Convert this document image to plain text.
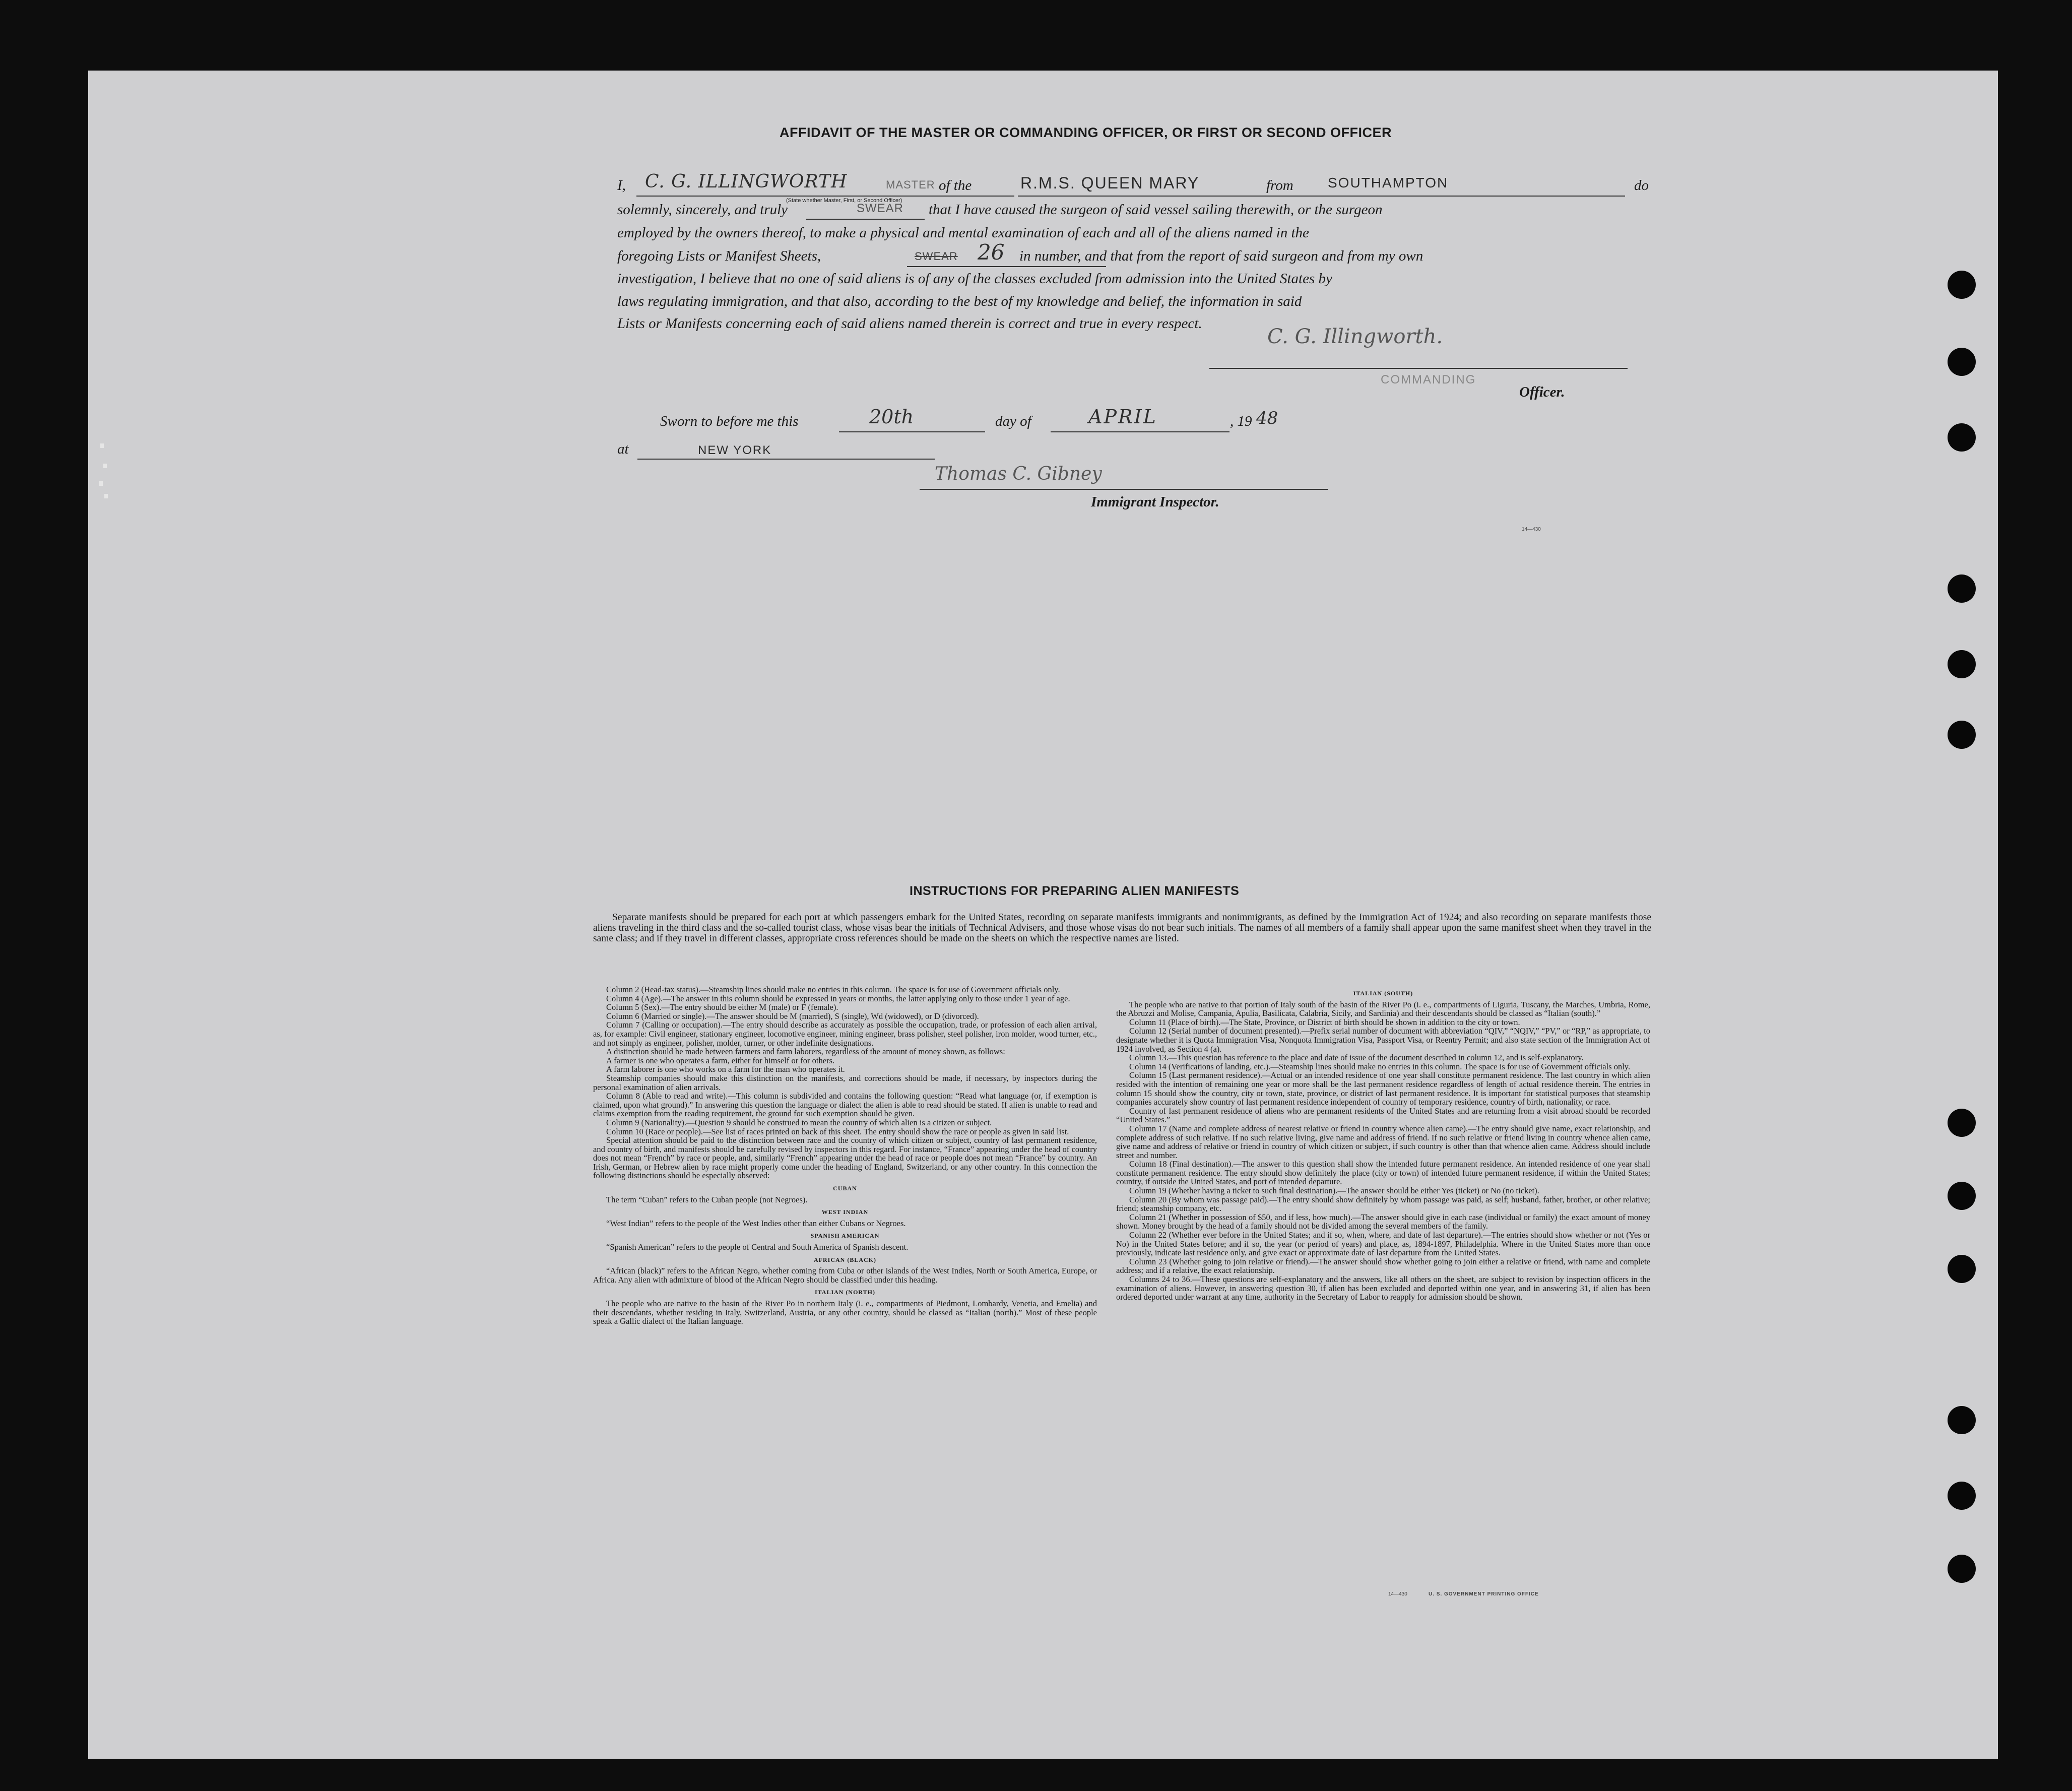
AFFIDAVIT OF THE MASTER OR COMMANDING OFFICER, OR FIRST OR SECOND OFFICER
I, C. G. ILLINGWORTH	MASTER
(State whether Master, First, or Second Officer)
of the	R.M.S. QUEEN MARY	from SOUTHAMPTON	do
solemnly, sincerely, and truly	SWEAR that I have caused the surgeon of said vessel sailing therewith, or the surgeon
employed by the owners thereof, to make a physical and mental examination of each and all of the aliens named in the
foregoing Lists or Manifest Sheets,	SWEAR 26 in number, and that from the report of said surgeon and from my own
investigation, I believe that no one of said aliens is of any of the classes excluded from admission into the United States by
laws regulating immigration, and that also, according to the best of my knowledge and belief, the information in said
Lists or Manifests concerning each of said aliens named therein is correct and true in every respect.
C. G. Illingworth.
COMMANDING
Officer.
Sworn to before me this	20th	day of	APRIL	, 19 48
at	NEW YORK
Thomas C. Gibney
Immigrant Inspector.
14—430
INSTRUCTIONS FOR PREPARING ALIEN MANIFESTS
Separate manifests should be prepared for each port at which passengers embark for the United States, recording on separate manifests immigrants and nonimmigrants, as defined by the Immigration Act of 1924; and also recording on separate manifests those aliens traveling in the third class and the so-called tourist class, whose visas bear the initials of Technical Advisers, and those whose visas do not bear such initials. The names of all members of a family shall appear upon the same manifest sheet when they travel in the same class; and if they travel in different classes, appropriate cross references should be made on the sheets on which the respective names are listed.

Column 2 (Head-tax status).—Steamship lines should make no entries in this column. The space is for use of Government officials only.

Column 4 (Age).—The answer in this column should be expressed in years or months, the latter applying only to those under 1 year of age.

Column 5 (Sex).—The entry should be either M (male) or F (female).

Column 6 (Married or single).—The answer should be M (married), S (single), Wd (widowed), or D (divorced).

Column 7 (Calling or occupation).—The entry should describe as accurately as possible the occupation, trade, or profession of each alien arrival, as, for example: Civil engineer, stationary engineer, locomotive engineer, mining engineer, brass polisher, steel polisher, iron molder, wood turner, etc., and not simply as engineer, polisher, molder, turner, or other indefinite designations.

A distinction should be made between farmers and farm laborers, regardless of the amount of money shown, as follows:

A farmer is one who operates a farm, either for himself or for others.

A farm laborer is one who works on a farm for the man who operates it.

Steamship companies should make this distinction on the manifests, and corrections should be made, if necessary, by inspectors during the personal examination of alien arrivals.

Column 8 (Able to read and write).—This column is subdivided and contains the following question: “Read what language (or, if exemption is claimed, upon what ground).” In answering this question the language or dialect the alien is able to read should be stated. If alien is unable to read and claims exemption from the reading requirement, the ground for such exemption should be given.

Column 9 (Nationality).—Question 9 should be construed to mean the country of which alien is a citizen or subject.

Column 10 (Race or people).—See list of races printed on back of this sheet. The entry should show the race or people as given in said list.

Special attention should be paid to the distinction between race and the country of which citizen or subject, country of last permanent residence, and country of birth, and manifests should be carefully revised by inspectors in this regard. For instance, “France” appearing under the head of country does not mean “French” by race or people, and, similarly “French” appearing under the head of race or people does not mean “France” by country. An Irish, German, or Hebrew alien by race might properly come under the heading of England, Switzerland, or any other country. In this connection the following distinctions should be especially observed:

CUBAN

The term “Cuban” refers to the Cuban people (not Negroes).

WEST INDIAN

“West Indian” refers to the people of the West Indies other than either Cubans or Negroes.

SPANISH AMERICAN

“Spanish American” refers to the people of Central and South America of Spanish descent.

AFRICAN (BLACK)

“African (black)” refers to the African Negro, whether coming from Cuba or other islands of the West Indies, North or South America, Europe, or Africa. Any alien with admixture of blood of the African Negro should be classified under this heading.

ITALIAN (NORTH)

The people who are native to the basin of the River Po in northern Italy (i. e., compartments of Piedmont, Lombardy, Venetia, and Emelia) and their descendants, whether residing in Italy, Switzerland, Austria, or any other country, should be classed as “Italian (north).” Most of these people speak a Gallic dialect of the Italian language.

ITALIAN (SOUTH)

The people who are native to that portion of Italy south of the basin of the River Po (i. e., compartments of Liguria, Tuscany, the Marches, Umbria, Rome, the Abruzzi and Molise, Campania, Apulia, Basilicata, Calabria, Sicily, and Sardinia) and their descendants should be classed as “Italian (south).”

Column 11 (Place of birth).—The State, Province, or District of birth should be shown in addition to the city or town.

Column 12 (Serial number of document presented).—Prefix serial number of document with abbreviation “QIV,” “NQIV,” “PV,” or “RP,” as appropriate, to designate whether it is Quota Immigration Visa, Nonquota Immigration Visa, Passport Visa, or Reentry Permit; and also state section of the Immigration Act of 1924 involved, as Section 4 (a).

Column 13.—This question has reference to the place and date of issue of the document described in column 12, and is self-explanatory.

Column 14 (Verifications of landing, etc.).—Steamship lines should make no entries in this column. The space is for use of Government officials only.

Column 15 (Last permanent residence).—Actual or an intended residence of one year shall constitute permanent residence. The last country in which alien resided with the intention of remaining one year or more shall be the last permanent residence regardless of length of actual residence therein. The entries in column 15 should show the country, city or town, state, province, or district of last permanent residence. It is important for statistical purposes that steamship companies accurately show country of last permanent residence independent of country of temporary residence, country of birth, nationality, or race.

Country of last permanent residence of aliens who are permanent residents of the United States and are returning from a visit abroad should be recorded “United States.”

Column 17 (Name and complete address of nearest relative or friend in country whence alien came).—The entry should give name, exact relationship, and complete address of such relative. If no such relative living, give name and address of friend. If no such relative or friend living in country whence alien came, give name and address of relative or friend in country of which citizen or subject, if such country is other than that whence alien came. Address should include street and number.

Column 18 (Final destination).—The answer to this question shall show the intended future permanent residence. An intended residence of one year shall constitute permanent residence. The entry should show definitely the place (city or town) of intended future permanent residence, if within the United States; country, if outside the United States, and port of intended departure.

Column 19 (Whether having a ticket to such final destination).—The answer should be either Yes (ticket) or No (no ticket).

Column 20 (By whom was passage paid).—The entry should show definitely by whom passage was paid, as self; husband, father, brother, or other relative; friend; steamship company, etc.

Column 21 (Whether in possession of $50, and if less, how much).—The answer should give in each case (individual or family) the exact amount of money shown. Money brought by the head of a family should not be divided among the several members of the family.

Column 22 (Whether ever before in the United States; and if so, when, where, and date of last departure).—The entries should show whether or not (Yes or No) in the United States before; and if so, the year (or period of years) and place, as, 1894-1897, Philadelphia. Where in the United States more than once previously, indicate last residence only, and give exact or approximate date of last departure from the United States.

Column 23 (Whether going to join relative or friend).—The answer should show whether going to join either a relative or friend, with name and complete address; and if a relative, the exact relationship.

Columns 24 to 36.—These questions are self-explanatory and the answers, like all others on the sheet, are subject to revision by inspection officers in the examination of aliens. However, in answering question 30, if alien has been excluded and deported within one year, and in answering 31, if alien has been ordered deported under warrant at any time, authority in the Secretary of Labor to reapply for admission should be shown.

14—430	U. S. GOVERNMENT PRINTING OFFICE
